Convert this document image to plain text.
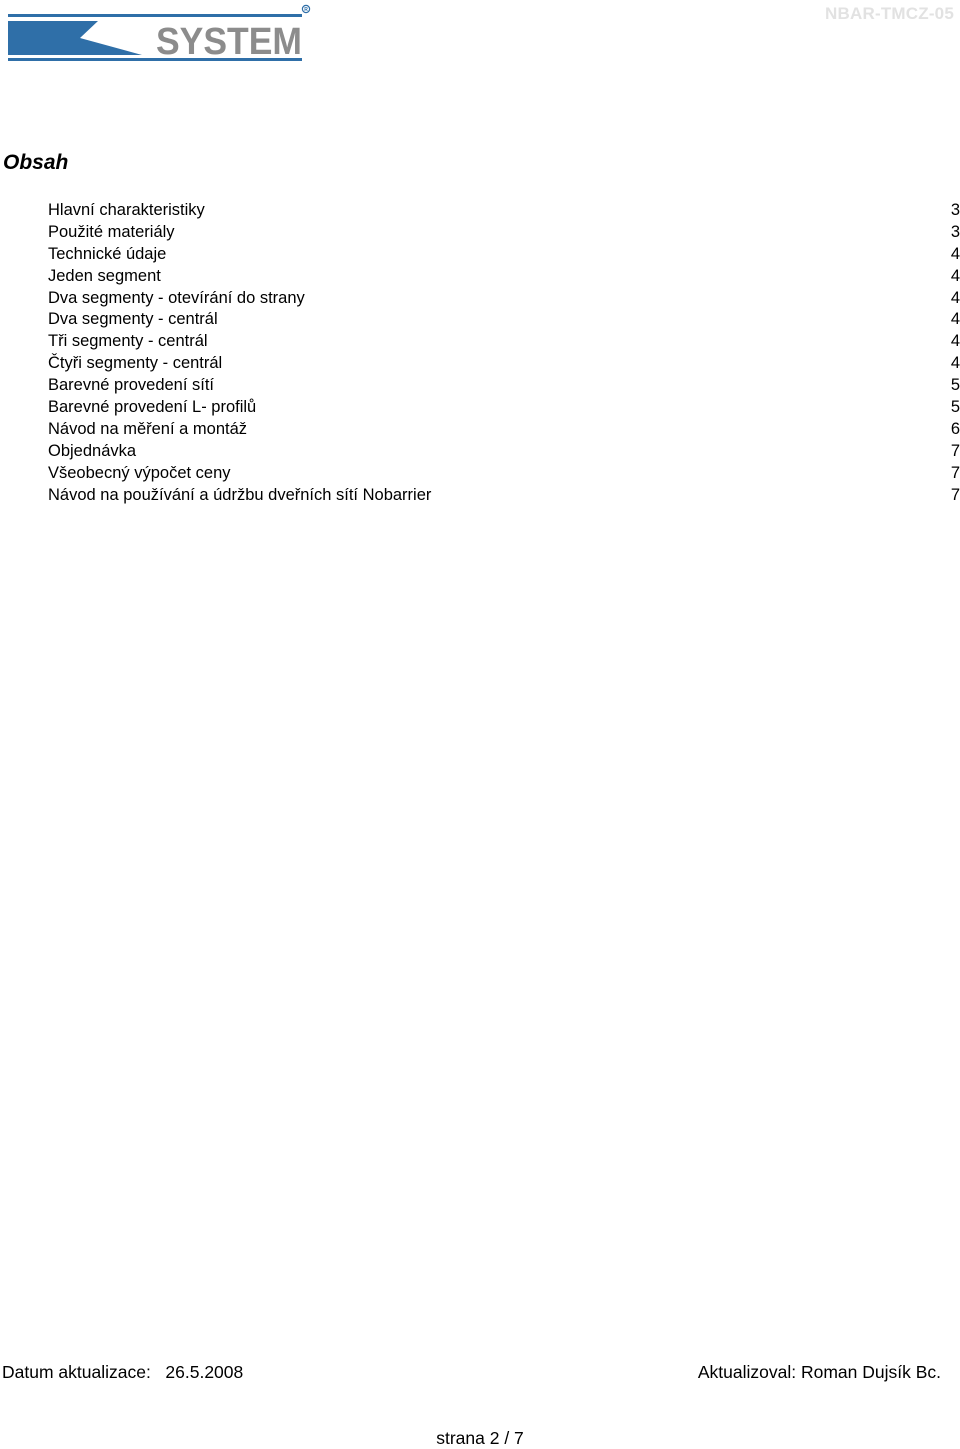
R
SYSTEM
NBAR-TMCZ-05
Obsah
Hlavní charakteristiky	3
Použité materiály	3
Technické údaje	4
Jeden segment	4
Dva segmenty - otevírání do strany	4
Dva segmenty - centrál	4
Tři segmenty - centrál	4
Čtyři segmenty - centrál	4
Barevné provedení sítí	5
Barevné provedení L- profilů	5
Návod na měření a montáž	6
Objednávka	7
Všeobecný výpočet ceny	7
Návod na používání a údržbu dveřních sítí Nobarrier	7
Datum aktualizace:   26.5.2008	Aktualizoval: Roman Dujsík Bc.
strana 2 / 7
